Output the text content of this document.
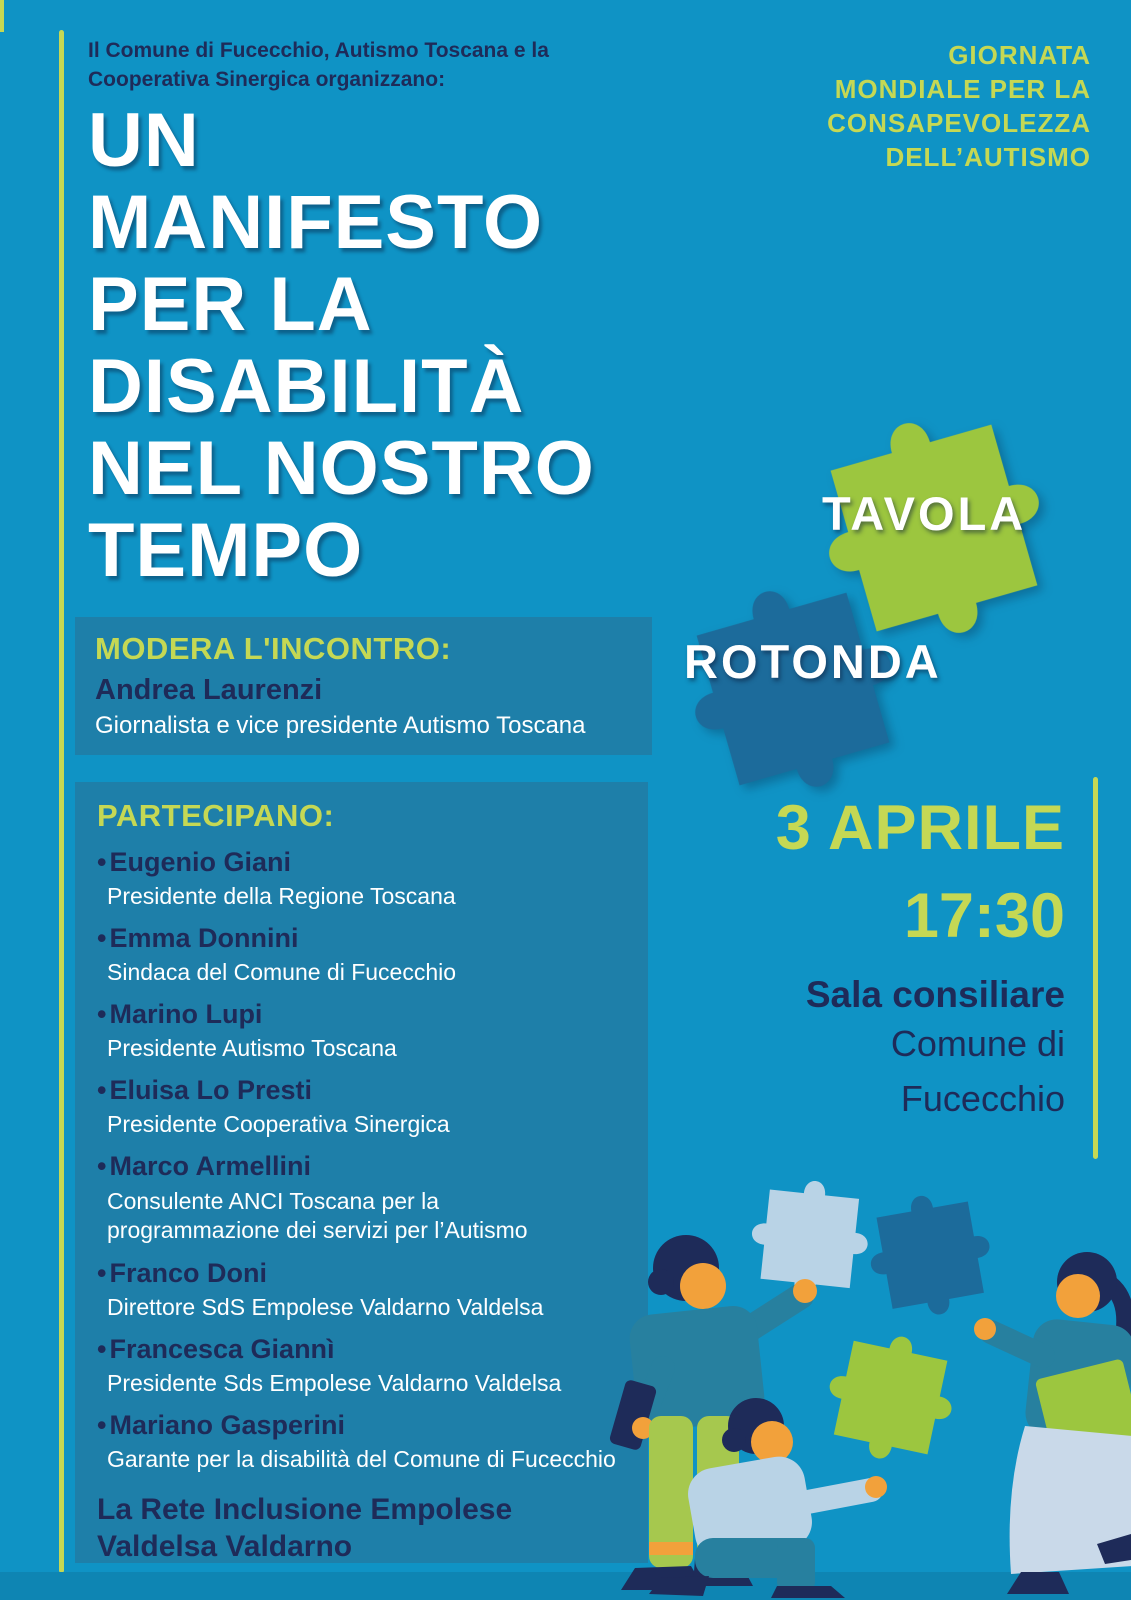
Il Comune di Fucecchio, Autismo Toscana e la
Cooperativa Sinergica organizzano:
GIORNATA
MONDIALE PER LA
CONSAPEVOLEZZA
DELL’AUTISMO
UN
MANIFESTO
PER LA
DISABILITÀ
NEL NOSTRO
TEMPO	TAVOLA
ROTONDA
MODERA L'INCONTRO:
Andrea Laurenzi
Giornalista e vice presidente Autismo Toscana
PARTECIPANO:
• Eugenio Giani
Presidente della Regione Toscana
• Emma Donnini
Sindaca del Comune di Fucecchio
• Marino Lupi
Presidente Autismo Toscana
• Eluisa Lo Presti
Presidente Cooperativa Sinergica
• Marco Armellini
Consulente ANCI Toscana per la programmazione dei servizi per l’Autismo
• Franco Doni
Direttore SdS Empolese Valdarno Valdelsa
• Francesca Giannì
Presidente Sds Empolese Valdarno Valdelsa
• Mariano Gasperini
Garante per la disabilità del Comune di Fucecchio
La Rete Inclusione Empolese
Valdelsa Valdarno
3 APRILE
17:30
Sala consiliare
Comune di
Fucecchio
